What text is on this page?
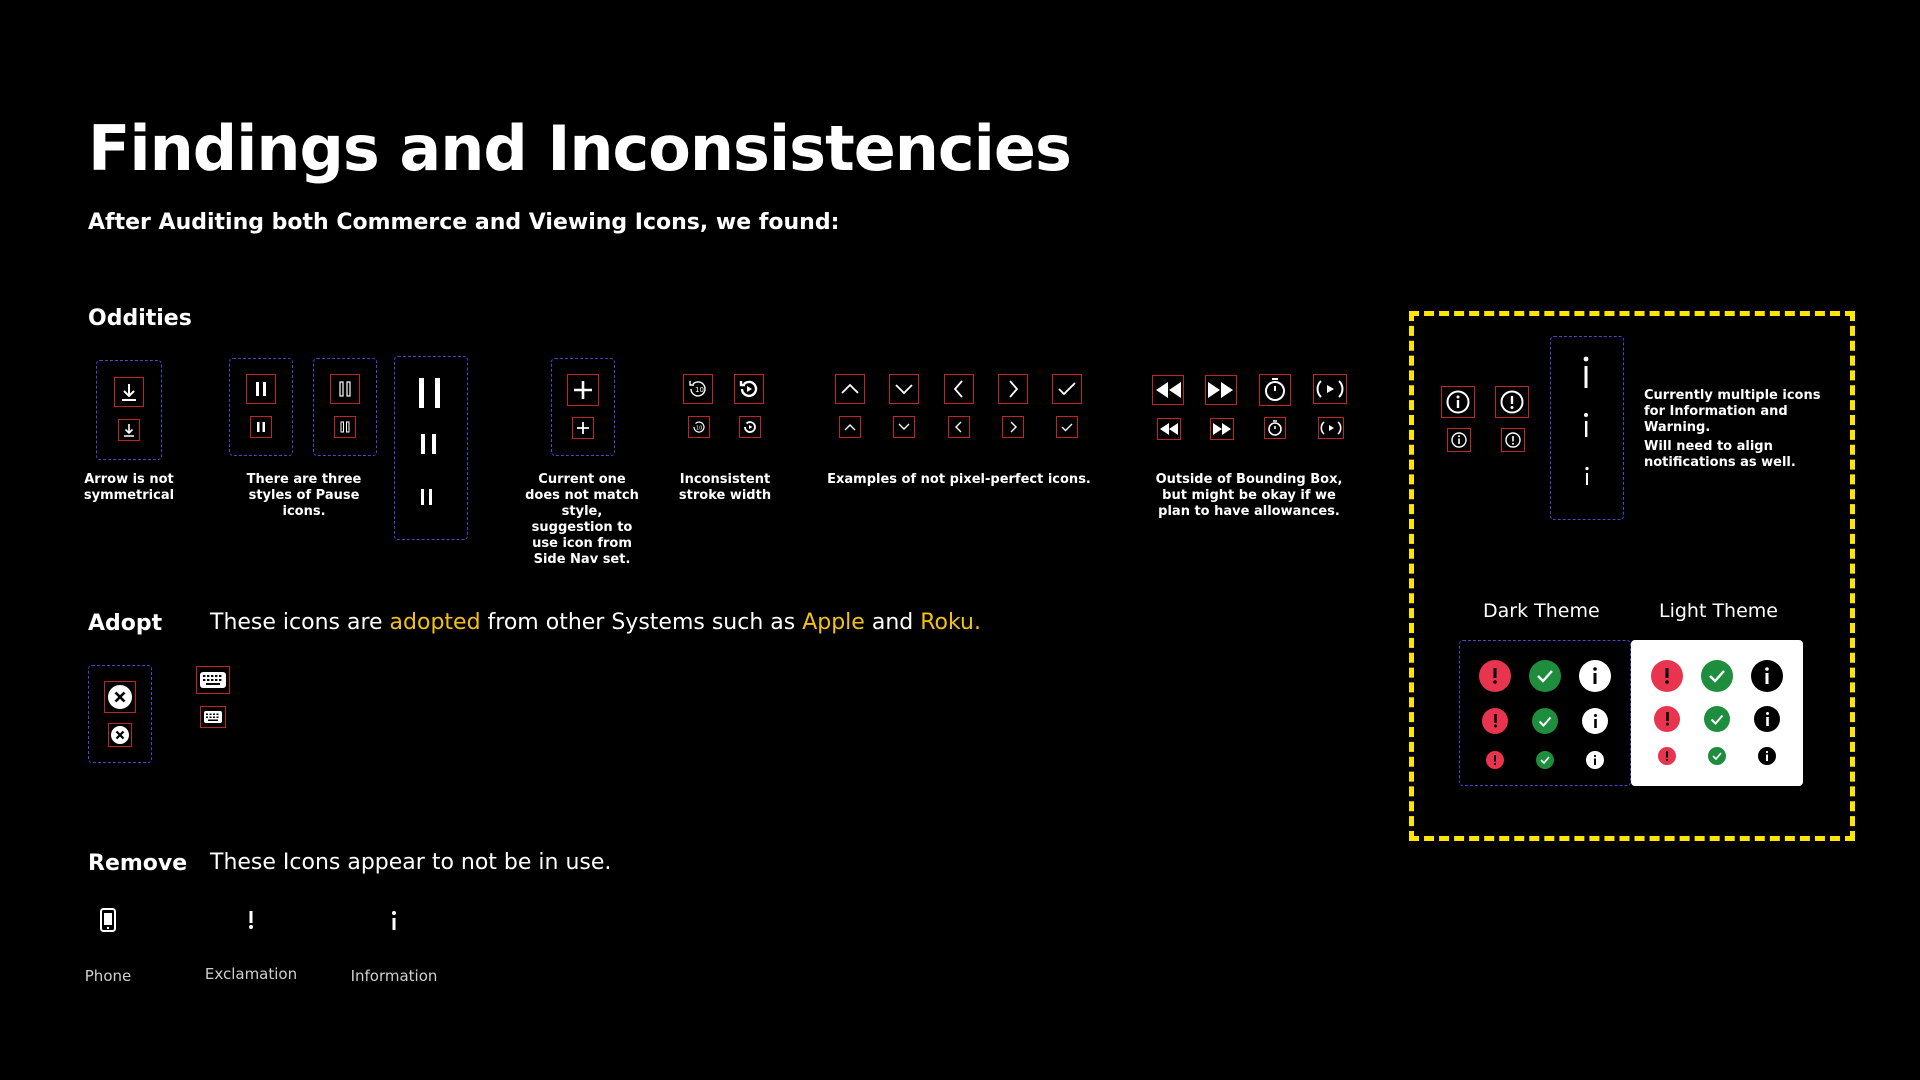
Findings and Inconsistencies
After Auditing both Commerce and Viewing Icons, we found:
Oddities
Arrow is not symmetrical
There are three styles of Pause icons.
Current one does not match style, suggestion to use icon from Side Nav set.
10
10
Inconsistent stroke width
Examples of not pixel-perfect icons.	Outside of Bounding Box, but might be okay if we plan to have allowances.
Currently multiple icons for Information and Warning.
Will need to align notifications as well.
Dark Theme	Light Theme
Adopt These icons are adopted from other Systems such as Apple and Roku.
Remove These Icons appear to not be in use.
Phone	Exclamation	Information
